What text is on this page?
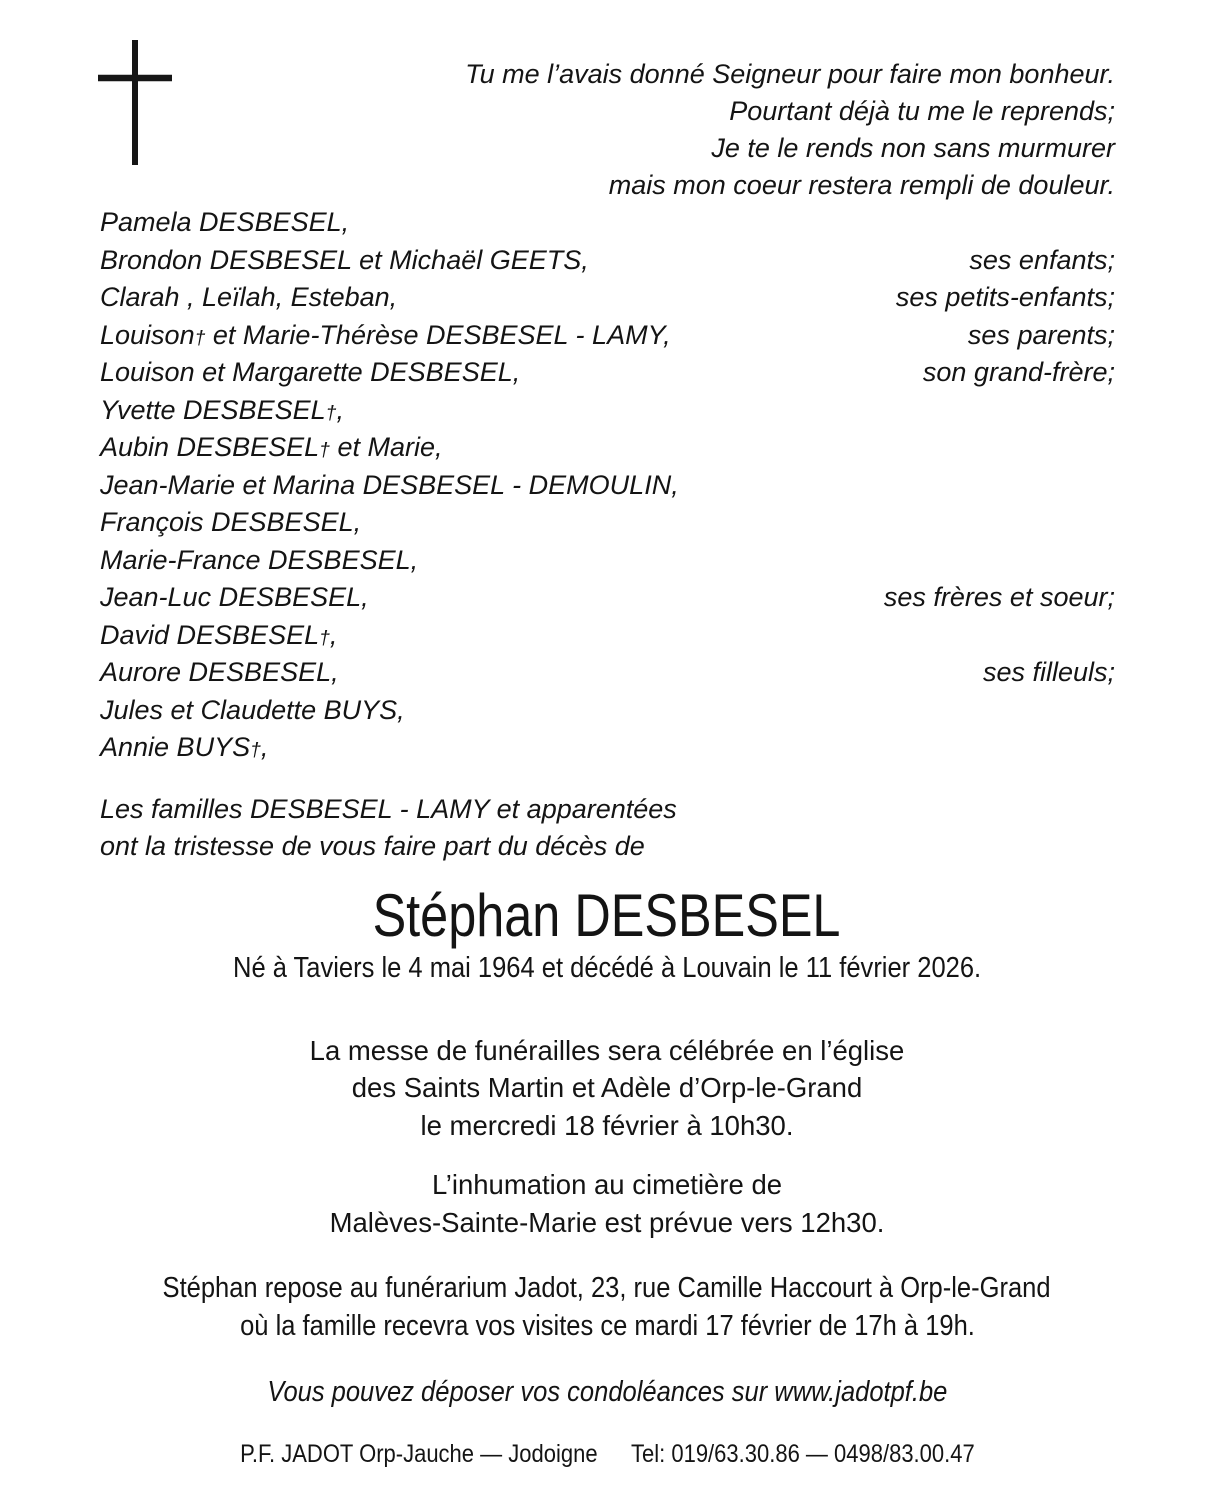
Tu me l’avais donné Seigneur pour faire mon bonheur.
Pourtant déjà tu me le reprends;
Je te le rends non sans murmurer
mais mon coeur restera rempli de douleur.
Pamela DESBESEL,
Brondon DESBESEL et Michaël GEETS,	ses enfants;
Clarah , Leïlah, Esteban,	ses petits-enfants;
Louison† et Marie-Thérèse DESBESEL - LAMY,	ses parents;
Louison et Margarette DESBESEL,	son grand-frère;
Yvette DESBESEL†,
Aubin DESBESEL† et Marie,
Jean-Marie et Marina DESBESEL - DEMOULIN,
François DESBESEL,
Marie-France DESBESEL,
Jean-Luc DESBESEL,	ses frères et soeur;
David DESBESEL†,
Aurore DESBESEL,	ses filleuls;
Jules et Claudette BUYS,
Annie BUYS†,
Les familles DESBESEL - LAMY et apparentées
ont la tristesse de vous faire part du décès de
Stéphan DESBESEL
Né à Taviers le 4 mai 1964 et décédé à Louvain le 11 février 2026.
La messe de funérailles sera célébrée en l’église
des Saints Martin et Adèle d’Orp-le-Grand
le mercredi 18 février à 10h30.
L’inhumation au cimetière de
Malèves-Sainte-Marie est prévue vers 12h30.
Stéphan repose au funérarium Jadot, 23, rue Camille Haccourt à Orp-le-Grand
où la famille recevra vos visites ce mardi 17 février de 17h à 19h.
Vous pouvez déposer vos condoléances sur www.jadotpf.be
P.F. JADOT Orp-Jauche — Jodoigne Tel: 019/63.30.86 — 0498/83.00.47
